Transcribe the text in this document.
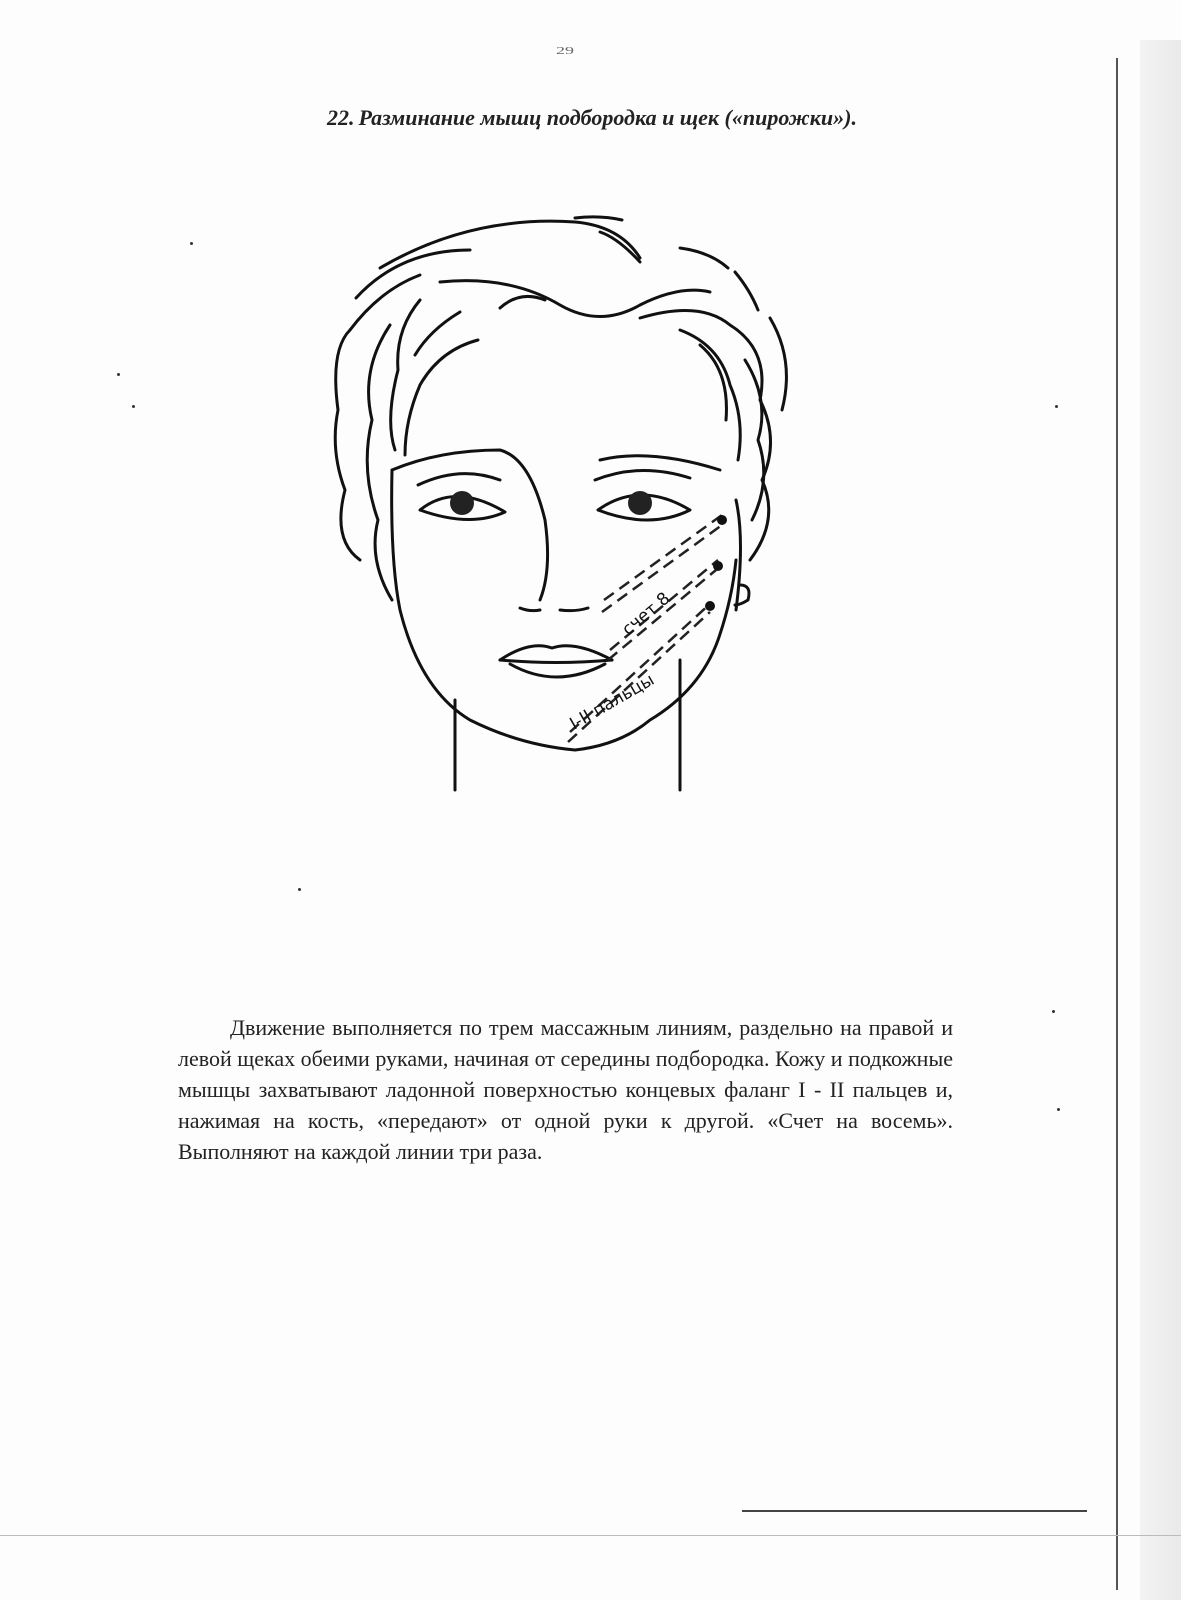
29
22. Разминание мышц подбородка и щек («пирожки»).
счет 8
I-II пальцы

Движение выполняется по трем массажным линиям, раздельно на правой и левой щеках обеими руками, начиная от середины подбородка. Кожу и подкожные мышцы захватывают ладонной поверхностью концевых фаланг I - II пальцев и, нажимая на кость, «передают» от одной руки к другой. «Счет на восемь». Выполняют на каждой линии три раза.
